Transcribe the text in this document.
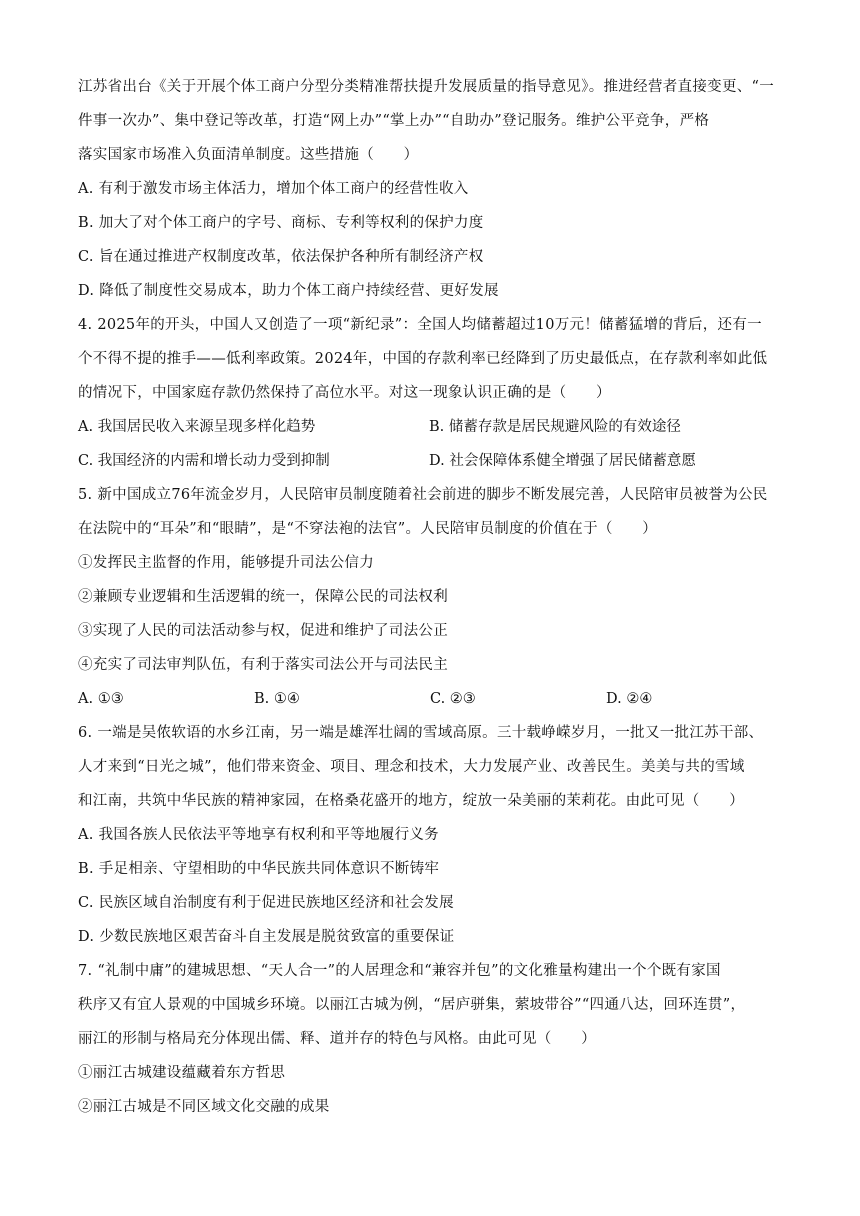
江苏省出台《关于开展个体工商户分型分类精准帮扶提升发展质量的指导意见》。推进经营者直接变更、“一
件事一次办”、集中登记等改革，打造“网上办”“掌上办”“自助办”登记服务。维护公平竞争，严格
落实国家市场准入负面清单制度。这些措施（　　）
A. 有利于激发市场主体活力，增加个体工商户的经营性收入
B. 加大了对个体工商户的字号、商标、专利等权利的保护力度
C. 旨在通过推进产权制度改革，依法保护各种所有制经济产权
D. 降低了制度性交易成本，助力个体工商户持续经营、更好发展
4. 2025年的开头，中国人又创造了一项“新纪录”：全国人均储蓄超过10万元！储蓄猛增的背后，还有一
个不得不提的推手——低利率政策。2024年，中国的存款利率已经降到了历史最低点，在存款利率如此低
的情况下，中国家庭存款仍然保持了高位水平。对这一现象认识正确的是（　　）
A. 我国居民收入来源呈现多样化趋势	B. 储蓄存款是居民规避风险的有效途径
C. 我国经济的内需和增长动力受到抑制	D. 社会保障体系健全增强了居民储蓄意愿
5. 新中国成立76年流金岁月，人民陪审员制度随着社会前进的脚步不断发展完善，人民陪审员被誉为公民
在法院中的“耳朵”和“眼睛”，是“不穿法袍的法官”。人民陪审员制度的价值在于（　　）
①发挥民主监督的作用，能够提升司法公信力
②兼顾专业逻辑和生活逻辑的统一，保障公民的司法权利
③实现了人民的司法活动参与权，促进和维护了司法公正
④充实了司法审判队伍，有利于落实司法公开与司法民主
A. ①③	B. ①④	C. ②③	D. ②④
6. 一端是吴侬软语的水乡江南，另一端是雄浑壮阔的雪域高原。三十载峥嵘岁月，一批又一批江苏干部、
人才来到“日光之城”，他们带来资金、项目、理念和技术，大力发展产业、改善民生。美美与共的雪域
和江南，共筑中华民族的精神家园，在格桑花盛开的地方，绽放一朵美丽的茉莉花。由此可见（　　）
A. 我国各族人民依法平等地享有权利和平等地履行义务
B. 手足相亲、守望相助的中华民族共同体意识不断铸牢
C. 民族区域自治制度有利于促进民族地区经济和社会发展
D. 少数民族地区艰苦奋斗自主发展是脱贫致富的重要保证
7. “礼制中庸”的建城思想、“天人合一”的人居理念和“兼容并包”的文化雅量构建出一个个既有家国
秩序又有宜人景观的中国城乡环境。以丽江古城为例，“居庐骈集，萦坡带谷”“四通八达，回环连贯”，
丽江的形制与格局充分体现出儒、释、道并存的特色与风格。由此可见（　　）
①丽江古城建设蕴藏着东方哲思
②丽江古城是不同区域文化交融的成果
